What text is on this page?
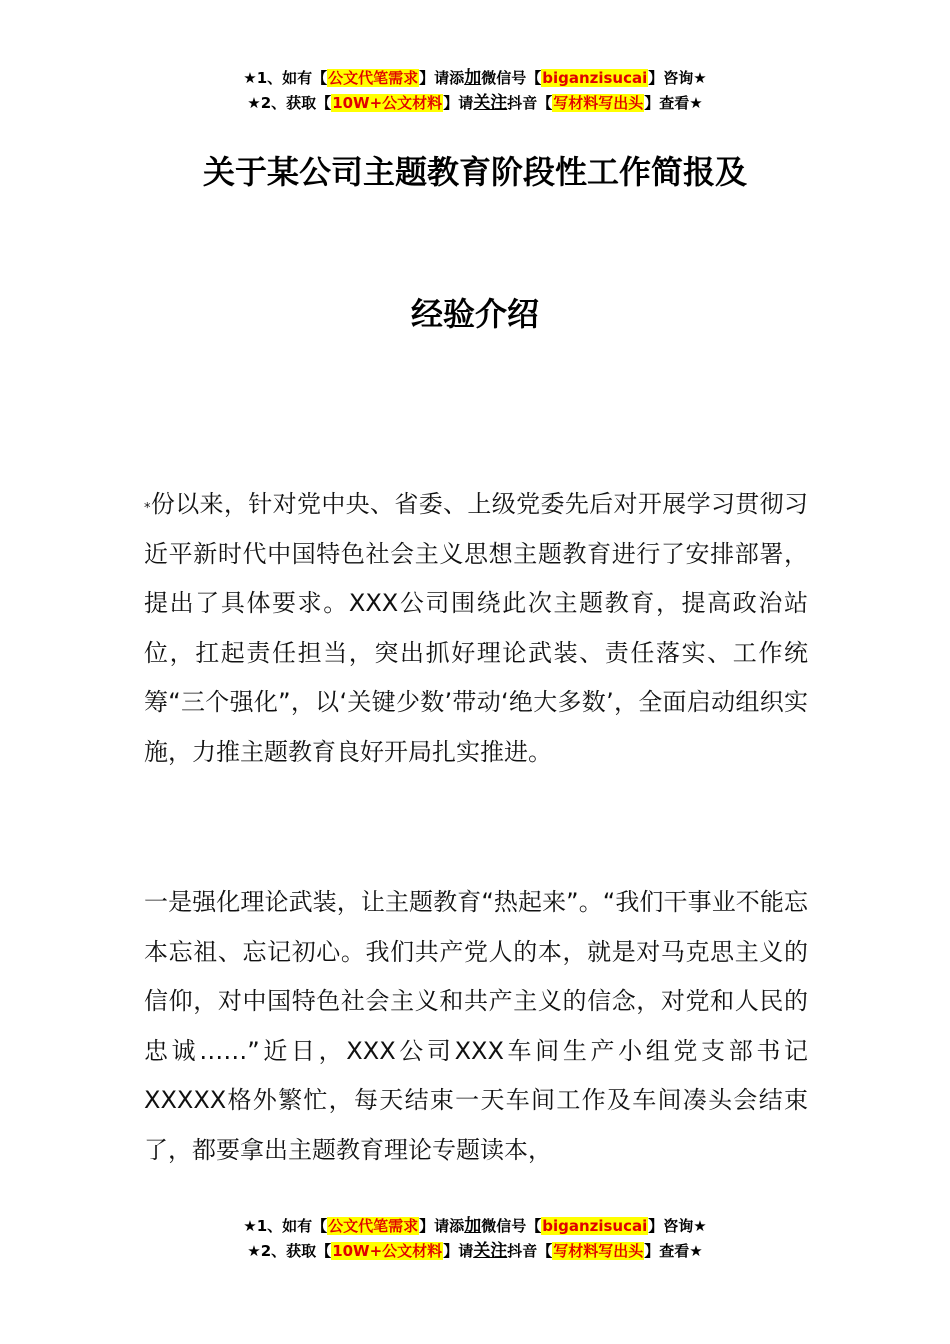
★1、如有【公文代笔需求】请添加微信号【biganzisucai】咨询★
★2、获取【10W+公文材料】请关注抖音【写材料写出头】查看★
关于某公司主题教育阶段性工作简报及
经验介绍

*份以来，针对党中央、省委、上级党委先后对开展学习贯彻习近平新时代中国特色社会主义思想主题教育进行了安排部署，提出了具体要求。XXX公司围绕此次主题教育，提高政治站位，扛起责任担当，突出抓好理论武装、责任落实、工作统筹“三个强化”，以‘关键少数’带动‘绝大多数’，全面启动组织实施，力推主题教育良好开局扎实推进。

一是强化理论武装，让主题教育“热起来”。“我们干事业不能忘本忘祖、忘记初心。我们共产党人的本，就是对马克思主义的信仰，对中国特色社会主义和共产主义的信念，对党和人民的忠诚……”近日，XXX公司XXX车间生产小组党支部书记XXXXX格外繁忙，每天结束一天车间工作及车间凑头会结束了，都要拿出主题教育理论专题读本，

★1、如有【公文代笔需求】请添加微信号【biganzisucai】咨询★
★2、获取【10W+公文材料】请关注抖音【写材料写出头】查看★
